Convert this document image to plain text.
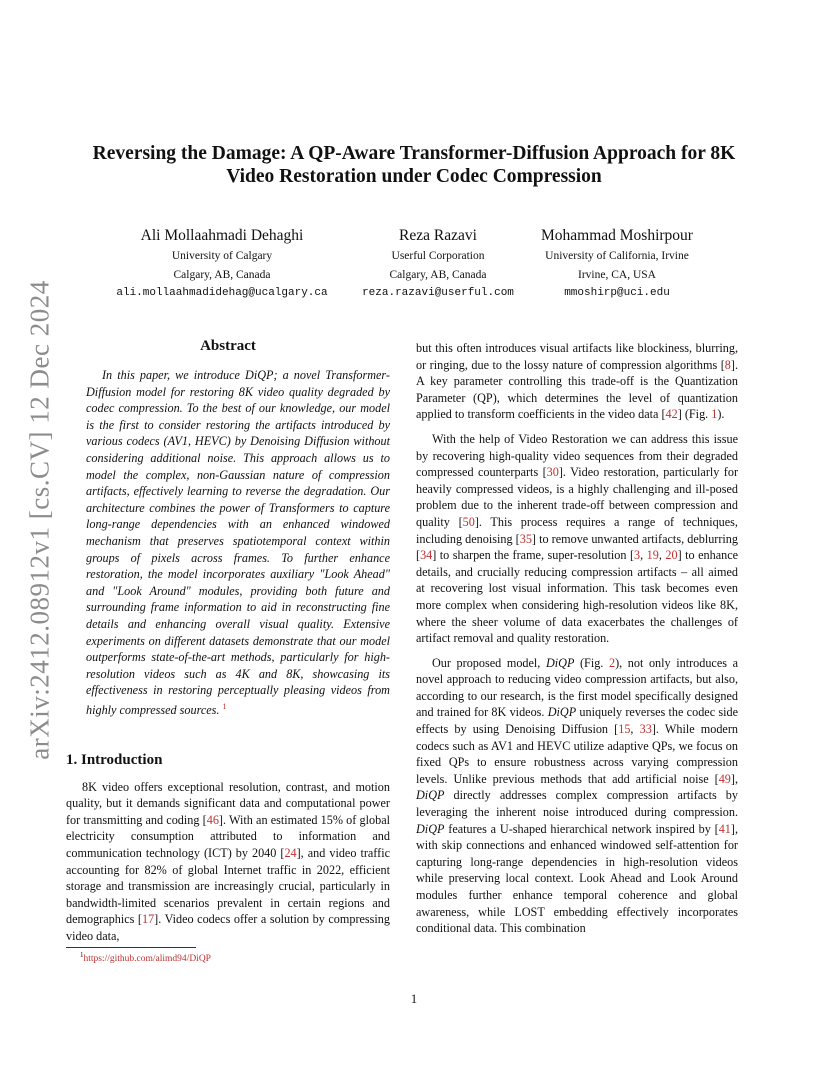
arXiv:2412.08912v1 [cs.CV] 12 Dec 2024
Reversing the Damage: A QP-Aware Transformer-Diffusion Approach for 8K
Video Restoration under Codec Compression
Ali Mollaahmadi Dehaghi
University of Calgary
Calgary, AB, Canada
ali.mollaahmadidehag@ucalgary.ca
Reza Razavi
Userful Corporation
Calgary, AB, Canada
reza.razavi@userful.com
Mohammad Moshirpour
University of California, Irvine
Irvine, CA, USA
mmoshirp@uci.edu
Abstract

In this paper, we introduce DiQP; a novel Transformer-Diffusion model for restoring 8K video quality degraded by codec compression. To the best of our knowledge, our model is the first to consider restoring the artifacts introduced by various codecs (AV1, HEVC) by Denoising Diffusion without considering additional noise. This approach allows us to model the complex, non-Gaussian nature of compression artifacts, effectively learning to reverse the degradation. Our architecture combines the power of Transformers to capture long-range dependencies with an enhanced windowed mechanism that preserves spatiotemporal context within groups of pixels across frames. To further enhance restoration, the model incorporates auxiliary "Look Ahead" and "Look Around" modules, providing both future and surrounding frame information to aid in reconstructing fine details and enhancing overall visual quality. Extensive experiments on different datasets demonstrate that our model outperforms state-of-the-art methods, particularly for high-resolution videos such as 4K and 8K, showcasing its effectiveness in restoring perceptually pleasing videos from highly compressed sources. $^1$

1. Introduction

8K video offers exceptional resolution, contrast, and motion quality, but it demands significant data and computational power for transmitting and coding [46]. With an estimated 15% of global electricity consumption attributed to information and communication technology (ICT) by 2040 [24], and video traffic accounting for 82% of global Internet traffic in 2022, efficient storage and transmission are increasingly crucial, particularly in bandwidth-limited scenarios prevalent in certain regions and demographics [17]. Video codecs offer a solution by compressing video data,

but this often introduces visual artifacts like blockiness, blurring, or ringing, due to the lossy nature of compression algorithms [8]. A key parameter controlling this trade-off is the Quantization Parameter (QP), which determines the level of quantization applied to transform coefficients in the video data [42] (Fig. 1).

With the help of Video Restoration we can address this issue by recovering high-quality video sequences from their degraded compressed counterparts [30]. Video restoration, particularly for heavily compressed videos, is a highly challenging and ill-posed problem due to the inherent trade-off between compression and quality [50]. This process requires a range of techniques, including denoising [35] to remove unwanted artifacts, deblurring [34] to sharpen the frame, super-resolution [3, 19, 20] to enhance details, and crucially reducing compression artifacts – all aimed at recovering lost visual information. This task becomes even more complex when considering high-resolution videos like 8K, where the sheer volume of data exacerbates the challenges of artifact removal and quality restoration.

Our proposed model, DiQP (Fig. 2), not only introduces a novel approach to reducing video compression artifacts, but also, according to our research, is the first model specifically designed and trained for 8K videos. DiQP uniquely reverses the codec side effects by using Denoising Diffusion [15, 33]. While modern codecs such as AV1 and HEVC utilize adaptive QPs, we focus on fixed QPs to ensure robustness across varying compression levels. Unlike previous methods that add artificial noise [49], DiQP directly addresses complex compression artifacts by leveraging the inherent noise introduced during compression. DiQP features a U-shaped hierarchical network inspired by [41], with skip connections and enhanced windowed self-attention for capturing long-range dependencies in high-resolution videos while preserving local context. Look Ahead and Look Around modules further enhance temporal coherence and global awareness, while LOST embedding effectively incorporates conditional data. This combination

$^1$https://github.com/alimd94/DiQP
1
